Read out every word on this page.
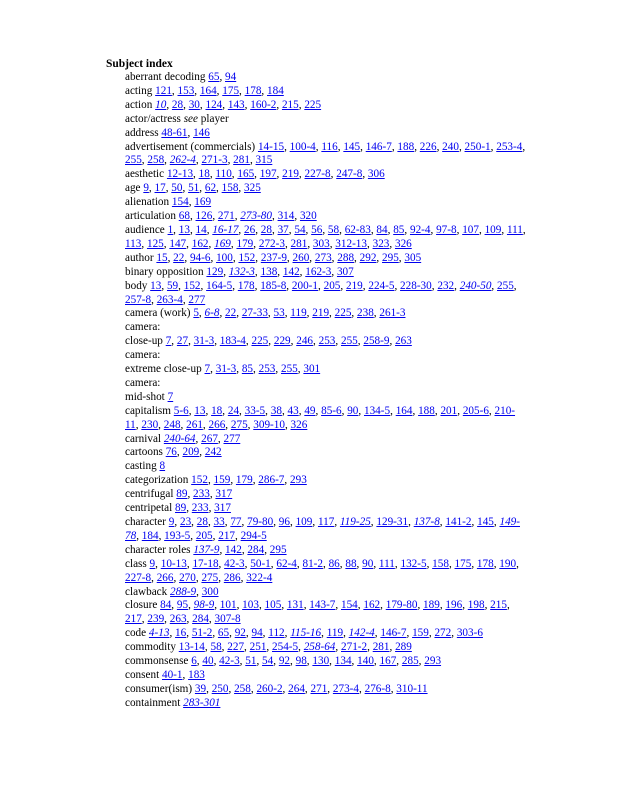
Subject index
aberrant decoding 65, 94
acting 121, 153, 164, 175, 178, 184
action 10, 28, 30, 124, 143, 160-2, 215, 225
actor/actress see player
address 48-61, 146
advertisement (commercials) 14-15, 100-4, 116, 145, 146-7, 188, 226, 240, 250-1, 253-4, 255, 258, 262-4, 271-3, 281, 315
aesthetic 12-13, 18, 110, 165, 197, 219, 227-8, 247-8, 306
age 9, 17, 50, 51, 62, 158, 325
alienation 154, 169
articulation 68, 126, 271, 273-80, 314, 320
audience 1, 13, 14, 16-17, 26, 28, 37, 54, 56, 58, 62-83, 84, 85, 92-4, 97-8, 107, 109, 111, 113, 125, 147, 162, 169, 179, 272-3, 281, 303, 312-13, 323, 326
author 15, 22, 94-6, 100, 152, 237-9, 260, 273, 288, 292, 295, 305
binary opposition 129, 132-3, 138, 142, 162-3, 307
body 13, 59, 152, 164-5, 178, 185-8, 200-1, 205, 219, 224-5, 228-30, 232, 240-50, 255, 257-8, 263-4, 277
camera (work) 5, 6-8, 22, 27-33, 53, 119, 219, 225, 238, 261-3
camera:
close-up 7, 27, 31-3, 183-4, 225, 229, 246, 253, 255, 258-9, 263
camera:
extreme close-up 7, 31-3, 85, 253, 255, 301
camera:
mid-shot 7
capitalism 5-6, 13, 18, 24, 33-5, 38, 43, 49, 85-6, 90, 134-5, 164, 188, 201, 205-6, 210-11, 230, 248, 261, 266, 275, 309-10, 326
carnival 240-64, 267, 277
cartoons 76, 209, 242
casting 8
categorization 152, 159, 179, 286-7, 293
centrifugal 89, 233, 317
centripetal 89, 233, 317
character 9, 23, 28, 33, 77, 79-80, 96, 109, 117, 119-25, 129-31, 137-8, 141-2, 145, 149-78, 184, 193-5, 205, 217, 294-5
character roles 137-9, 142, 284, 295
class 9, 10-13, 17-18, 42-3, 50-1, 62-4, 81-2, 86, 88, 90, 111, 132-5, 158, 175, 178, 190, 227-8, 266, 270, 275, 286, 322-4
clawback 288-9, 300
closure 84, 95, 98-9, 101, 103, 105, 131, 143-7, 154, 162, 179-80, 189, 196, 198, 215, 217, 239, 263, 284, 307-8
code 4-13, 16, 51-2, 65, 92, 94, 112, 115-16, 119, 142-4, 146-7, 159, 272, 303-6
commodity 13-14, 58, 227, 251, 254-5, 258-64, 271-2, 281, 289
commonsense 6, 40, 42-3, 51, 54, 92, 98, 130, 134, 140, 167, 285, 293
consent 40-1, 183
consumer(ism) 39, 250, 258, 260-2, 264, 271, 273-4, 276-8, 310-11
containment 283-301
